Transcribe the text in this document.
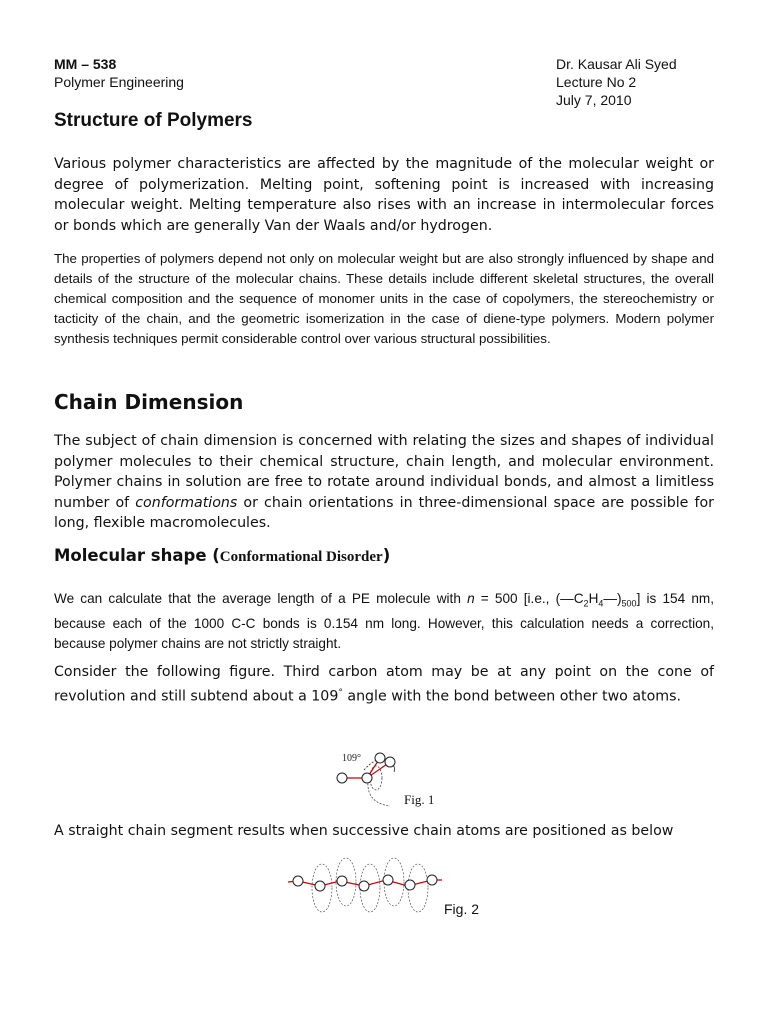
MM – 538
Polymer Engineering
Dr. Kausar Ali Syed
Lecture No 2
July 7, 2010
Structure of Polymers

Various polymer characteristics are affected by the magnitude of the molecular weight or degree of polymerization. Melting point, softening point is increased with increasing molecular weight. Melting temperature also rises with an increase in intermolecular forces or bonds which are generally Van der Waals and/or hydrogen.

The properties of polymers depend not only on molecular weight but are also strongly influenced by shape and details of the structure of the molecular chains. These details include different skeletal structures, the overall chemical composition and the sequence of monomer units in the case of copolymers, the stereochemistry or tacticity of the chain, and the geometric isomerization in the case of diene-type polymers. Modern polymer synthesis techniques permit considerable control over various structural possibilities.

Chain Dimension

The subject of chain dimension is concerned with relating the sizes and shapes of individual polymer molecules to their chemical structure, chain length, and molecular environment. Polymer chains in solution are free to rotate around individual bonds, and almost a limitless number of conformations or chain orientations in three-dimensional space are possible for long, flexible macromolecules.

Molecular shape (Conformational Disorder)

We can calculate that the average length of a PE molecule with n = 500 [i.e., $(—C_2H_4—)_{500}$] is 154 nm, because each of the 1000 C-C bonds is 0.154 nm long. However, this calculation needs a correction, because polymer chains are not strictly straight.

Consider the following figure. Third carbon atom may be at any point on the cone of revolution and still subtend about a 109° angle with the bond between other two atoms.

109°
Fig. 1

A straight chain segment results when successive chain atoms are positioned as below

Fig. 2
